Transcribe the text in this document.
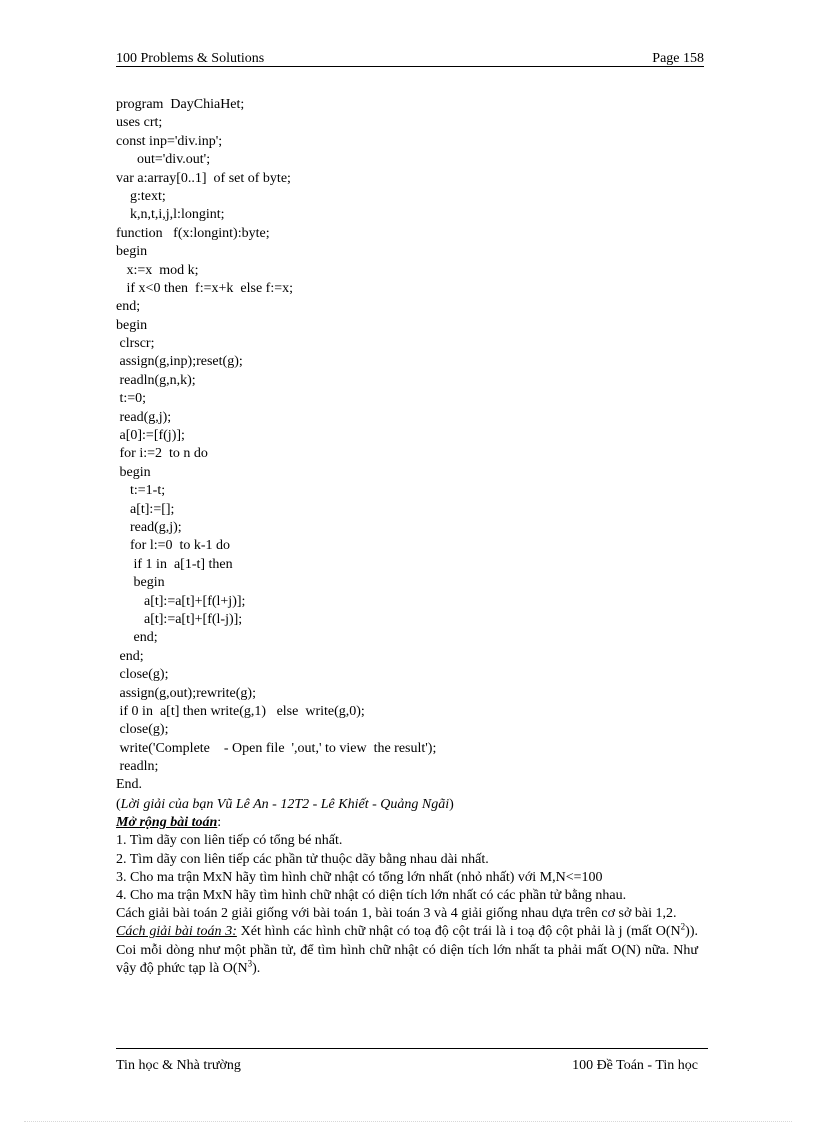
100 Problems & Solutions	Page 158
program  DayChiaHet;
uses crt;
const inp='div.inp';
out='div.out';
var a:array[0..1]  of set of byte;
g:text;
k,n,t,i,j,l:longint;
function   f(x:longint):byte;
begin
x:=x  mod k;
if x<0 then  f:=x+k  else f:=x;
end;
begin
clrscr;
assign(g,inp);reset(g);
readln(g,n,k);
t:=0;
read(g,j);
a[0]:=[f(j)];
for i:=2  to n do
begin
t:=1-t;
a[t]:=[];
read(g,j);
for l:=0  to k-1 do
if 1 in  a[1-t] then
begin
a[t]:=a[t]+[f(l+j)];
a[t]:=a[t]+[f(l-j)];
end;
end;
close(g);
assign(g,out);rewrite(g);
if 0 in  a[t] then write(g,1)   else  write(g,0);
close(g);
write('Complete    - Open file  ',out,' to view  the result');
readln;
End.

(Lời giải của bạn Vũ Lê An - 12T2 - Lê Khiết - Quảng Ngãi)

Mở rộng bài toán:

1. Tìm dãy con liên tiếp có tổng bé nhất.

2. Tìm dãy con liên tiếp các phần tử thuộc dãy bằng nhau dài nhất.

3. Cho ma trận MxN hãy tìm hình chữ nhật có tổng lớn nhất (nhỏ nhất) với M,N<=100

4. Cho ma trận MxN hãy tìm hình chữ nhật có diện tích lớn nhất có các phần tử bằng nhau.

Cách giải bài toán 2 giải giống với bài toán 1, bài toán 3 và 4 giải giống nhau dựa trên cơ sở bài 1,2.

Cách giải bài toán 3: Xét hình các hình chữ nhật có toạ độ cột trái là i toạ độ cột phải là j (mất $O(N^2)$). Coi mỗi dòng như một phần tử, để tìm hình chữ nhật có diện tích lớn nhất ta phải mất O(N) nữa. Như vậy độ phức tạp là $O(N^3)$.

Tin học & Nhà trường	100 Đề Toán - Tin học
